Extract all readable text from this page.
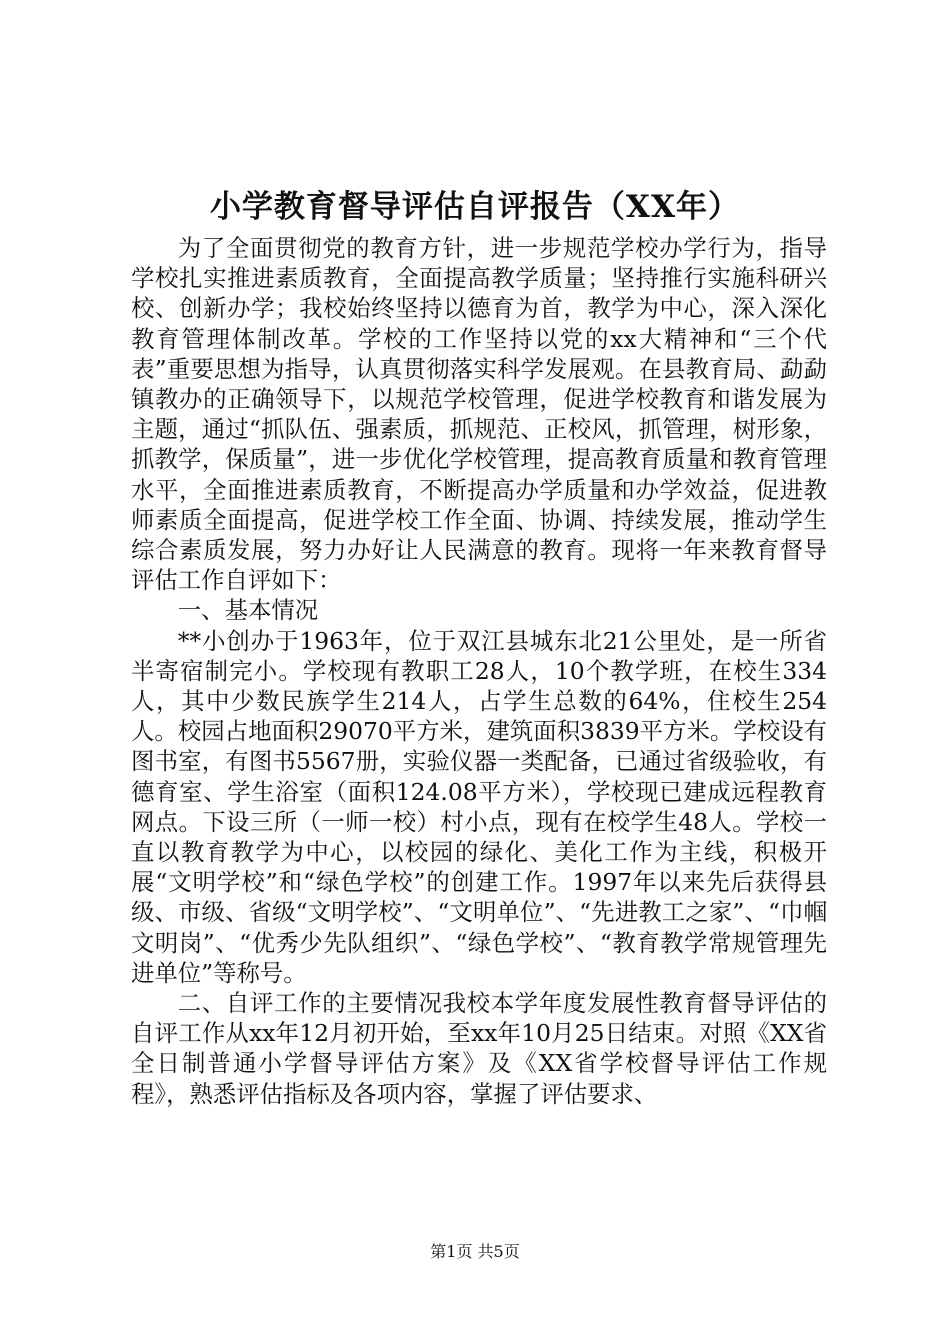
小学教育督导评估自评报告（XX年）

为了全面贯彻党的教育方针，进一步规范学校办学行为，指导学校扎实推进素质教育，全面提高教学质量；坚持推行实施科研兴校、创新办学；我校始终坚持以德育为首，教学为中心，深入深化教育管理体制改革。学校的工作坚持以党的xx大精神和“三个代表”重要思想为指导，认真贯彻落实科学发展观。在县教育局、勐勐镇教办的正确领导下，以规范学校管理，促进学校教育和谐发展为主题，通过“抓队伍、强素质，抓规范、正校风，抓管理，树形象，抓教学，保质量”，进一步优化学校管理，提高教育质量和教育管理水平，全面推进素质教育，不断提高办学质量和办学效益，促进教师素质全面提高，促进学校工作全面、协调、持续发展，推动学生综合素质发展，努力办好让人民满意的教育。现将一年来教育督导评估工作自评如下：

一、基本情况

**小创办于1963年，位于双江县城东北21公里处，是一所省半寄宿制完小。学校现有教职工28人，10个教学班，在校生334人，其中少数民族学生214人，占学生总数的64%，住校生254人。校园占地面积29070平方米，建筑面积3839平方米。学校设有图书室，有图书5567册，实验仪器一类配备，已通过省级验收，有德育室、学生浴室（面积124.08平方米），学校现已建成远程教育网点。下设三所（一师一校）村小点，现有在校学生48人。学校一直以教育教学为中心，以校园的绿化、美化工作为主线，积极开展“文明学校”和“绿色学校”的创建工作。1997年以来先后获得县级、市级、省级“文明学校”、“文明单位”、“先进教工之家”、“巾帼文明岗”、“优秀少先队组织”、“绿色学校”、“教育教学常规管理先进单位”等称号。

二、自评工作的主要情况我校本学年度发展性教育督导评估的自评工作从xx年12月初开始，至xx年10月25日结束。对照《XX省全日制普通小学督导评估方案》及《XX省学校督导评估工作规程》，熟悉评估指标及各项内容，掌握了评估要求、

第1页 共5页
